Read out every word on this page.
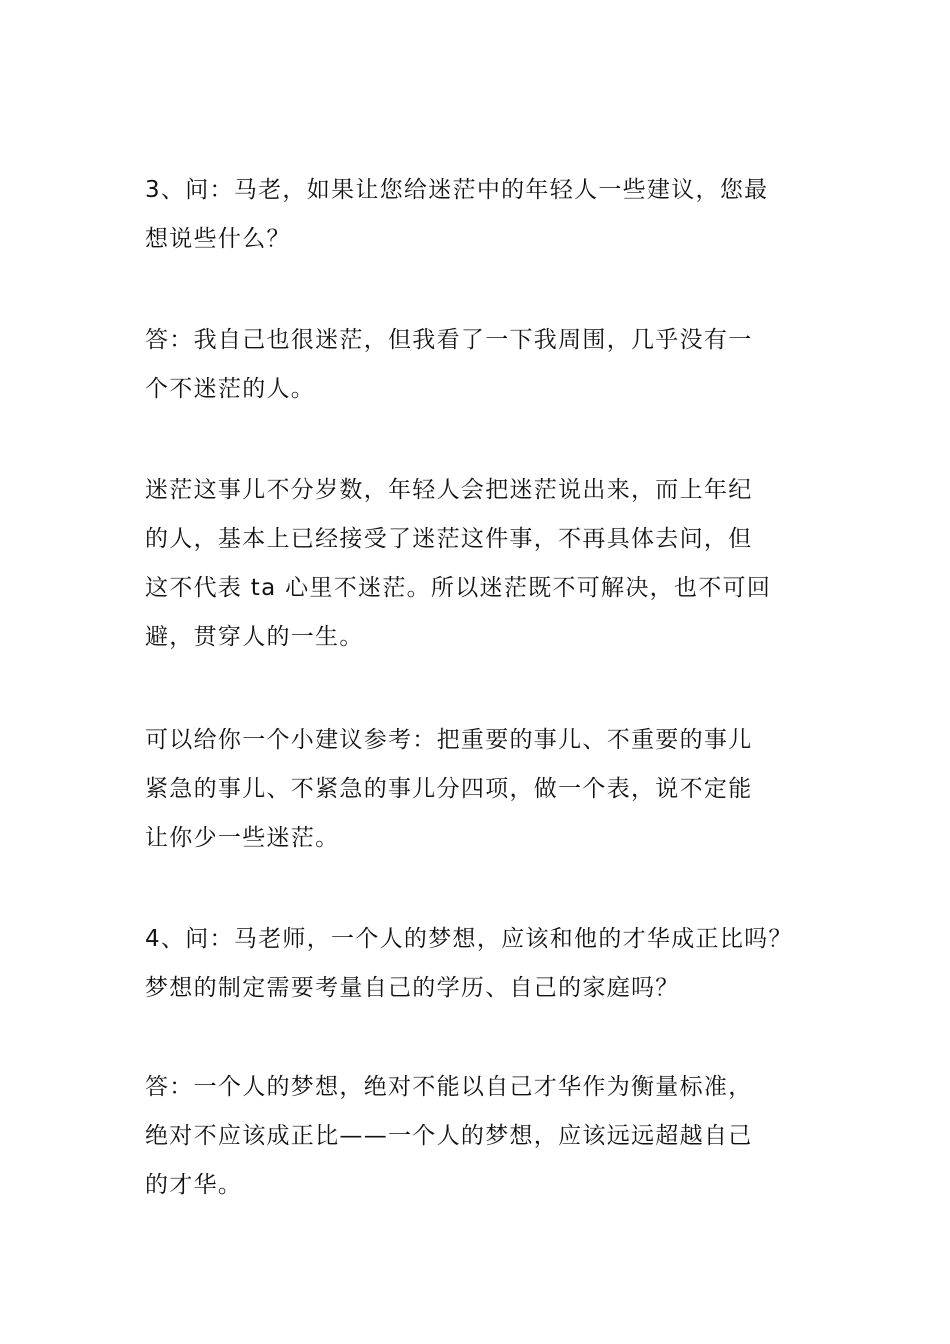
3、问：马老，如果让您给迷茫中的年轻人一些建议，您最
想说些什么？
答：我自己也很迷茫，但我看了一下我周围，几乎没有一
个不迷茫的人。
迷茫这事儿不分岁数，年轻人会把迷茫说出来，而上年纪
的人，基本上已经接受了迷茫这件事，不再具体去问，但
这不代表 ta 心里不迷茫。所以迷茫既不可解决，也不可回
避，贯穿人的一生。
可以给你一个小建议参考：把重要的事儿、不重要的事儿
紧急的事儿、不紧急的事儿分四项，做一个表，说不定能
让你少一些迷茫。
4、问：马老师，一个人的梦想，应该和他的才华成正比吗？
梦想的制定需要考量自己的学历、自己的家庭吗？
答：一个人的梦想，绝对不能以自己才华作为衡量标准，
绝对不应该成正比——一个人的梦想，应该远远超越自己
的才华。
